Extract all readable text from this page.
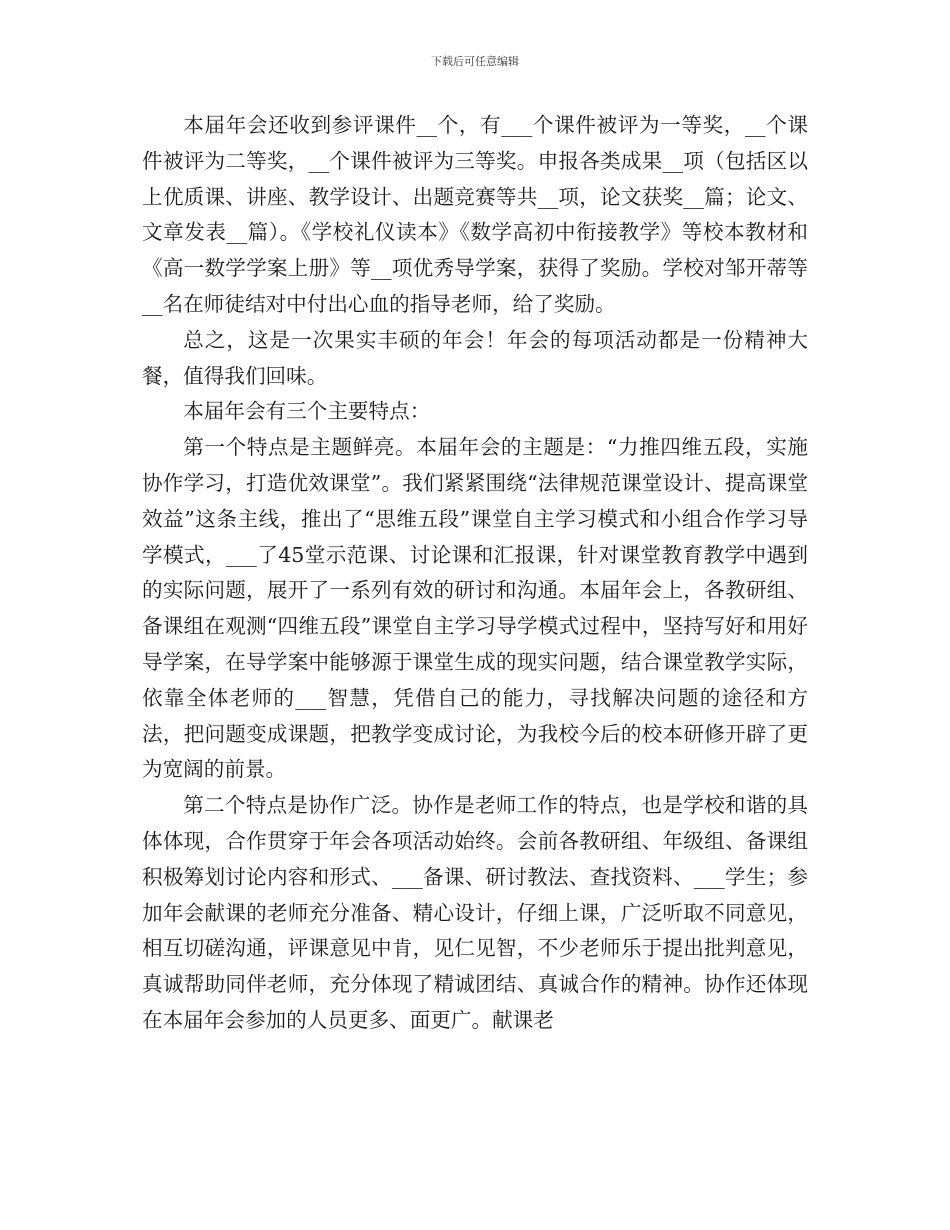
下载后可任意编辑

本届年会还收到参评课件__个，有___个课件被评为一等奖，__个课件被评为二等奖，__个课件被评为三等奖。申报各类成果__项（包括区以上优质课、讲座、教学设计、出题竞赛等共__项，论文获奖__篇；论文、文章发表__篇）。《学校礼仪读本》《数学高初中衔接教学》等校本教材和《高一数学学案上册》等__项优秀导学案，获得了奖励。学校对邹开蒂等__名在师徒结对中付出心血的指导老师，给了奖励。

总之，这是一次果实丰硕的年会！年会的每项活动都是一份精神大餐，值得我们回味。

本届年会有三个主要特点：

第一个特点是主题鲜亮。本届年会的主题是：“力推四维五段，实施协作学习，打造优效课堂”。我们紧紧围绕“法律规范课堂设计、提高课堂效益”这条主线，推出了“思维五段”课堂自主学习模式和小组合作学习导学模式，___了45堂示范课、讨论课和汇报课，针对课堂教育教学中遇到的实际问题，展开了一系列有效的研讨和沟通。本届年会上，各教研组、备课组在观测“四维五段”课堂自主学习导学模式过程中，坚持写好和用好导学案，在导学案中能够源于课堂生成的现实问题，结合课堂教学实际，依靠全体老师的___智慧，凭借自己的能力，寻找解决问题的途径和方法，把问题变成课题，把教学变成讨论，为我校今后的校本研修开辟了更为宽阔的前景。

第二个特点是协作广泛。协作是老师工作的特点，也是学校和谐的具体体现，合作贯穿于年会各项活动始终。会前各教研组、年级组、备课组积极筹划讨论内容和形式、___备课、研讨教法、查找资料、___学生；参加年会献课的老师充分准备、精心设计，仔细上课，广泛听取不同意见，相互切磋沟通，评课意见中肯，见仁见智，不少老师乐于提出批判意见，真诚帮助同伴老师，充分体现了精诚团结、真诚合作的精神。协作还体现在本届年会参加的人员更多、面更广。献课老
